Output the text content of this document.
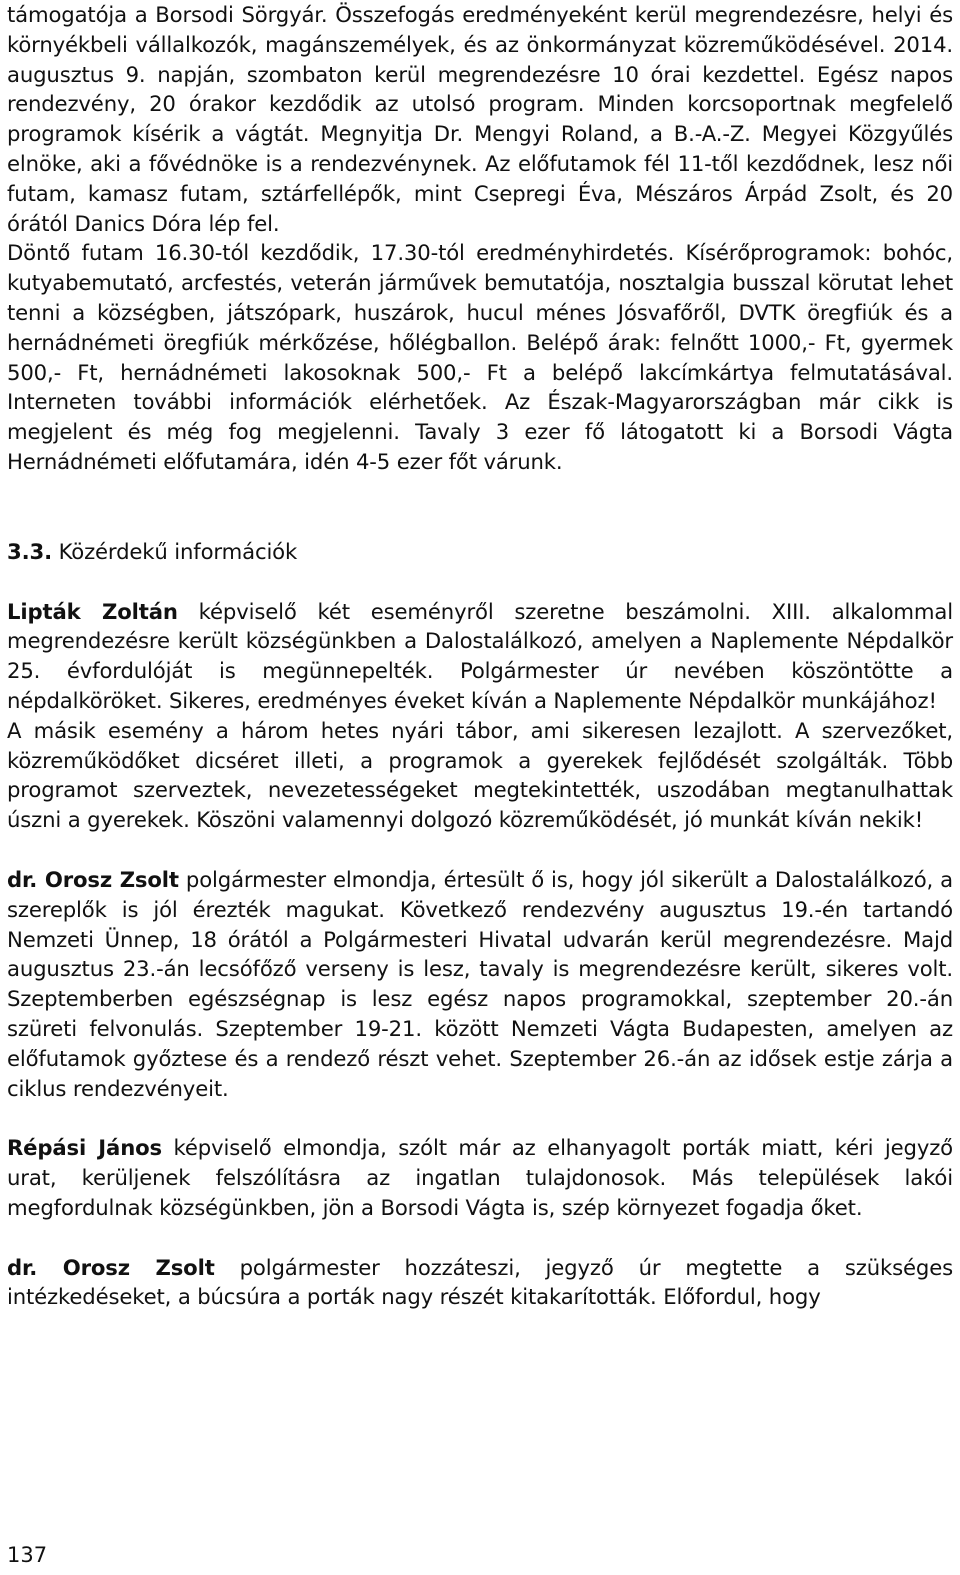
támogatója a Borsodi Sörgyár. Összefogás eredményeként kerül megrendezésre, helyi és környékbeli vállalkozók, magánszemélyek, és az önkormányzat közreműködésével. 2014. augusztus 9. napján, szombaton kerül megrendezésre 10 órai kezdettel. Egész napos rendezvény, 20 órakor kezdődik az utolsó program. Minden korcsoportnak megfelelő programok kísérik a vágtát. Megnyitja Dr. Mengyi Roland, a B.-A.-Z. Megyei Közgyűlés elnöke, aki a fővédnöke is a rendezvénynek. Az előfutamok fél 11-től kezdődnek, lesz női futam, kamasz futam, sztárfellépők, mint Csepregi Éva, Mészáros Árpád Zsolt, és 20 órától Danics Dóra lép fel.

Döntő futam 16.30-tól kezdődik, 17.30-tól eredményhirdetés. Kísérőprogramok: bohóc, kutyabemutató, arcfestés, veterán járművek bemutatója, nosztalgia busszal körutat lehet tenni a községben, játszópark, huszárok, hucul ménes Jósvafőről, DVTK öregfiúk és a hernádnémeti öregfiúk mérkőzése, hőlégballon. Belépő árak: felnőtt 1000,- Ft, gyermek 500,- Ft, hernádnémeti lakosoknak 500,- Ft a belépő lakcímkártya felmutatásával. Interneten további információk elérhetőek. Az Észak-Magyarországban már cikk is megjelent és még fog megjelenni. Tavaly 3 ezer fő látogatott ki a Borsodi Vágta Hernádnémeti előfutamára, idén 4-5 ezer főt várunk.

3.3. Közérdekű információk

Lipták Zoltán képviselő két eseményről szeretne beszámolni. XIII. alkalommal megrendezésre került községünkben a Dalostalálkozó, amelyen a Naplemente Népdalkör 25. évfordulóját is megünnepelték. Polgármester úr nevében köszöntötte a népdalköröket. Sikeres, eredményes éveket kíván a Naplemente Népdalkör munkájához!

A másik esemény a három hetes nyári tábor, ami sikeresen lezajlott. A szervezőket, közreműködőket dicséret illeti, a programok a gyerekek fejlődését szolgálták. Több programot szerveztek, nevezetességeket megtekintették, uszodában megtanulhattak úszni a gyerekek. Köszöni valamennyi dolgozó közreműködését, jó munkát kíván nekik!

dr. Orosz Zsolt polgármester elmondja, értesült ő is, hogy jól sikerült a Dalostalálkozó, a szereplők is jól érezték magukat. Következő rendezvény augusztus 19.-én tartandó Nemzeti Ünnep, 18 órától a Polgármesteri Hivatal udvarán kerül megrendezésre. Majd augusztus 23.-án lecsófőző verseny is lesz, tavaly is megrendezésre került, sikeres volt. Szeptemberben egészségnap is lesz egész napos programokkal, szeptember 20.-án szüreti felvonulás. Szeptember 19-21. között Nemzeti Vágta Budapesten, amelyen az előfutamok győztese és a rendező részt vehet. Szeptember 26.-án az idősek estje zárja a ciklus rendezvényeit.

Répási János képviselő elmondja, szólt már az elhanyagolt porták miatt, kéri jegyző urat, kerüljenek felszólításra az ingatlan tulajdonosok. Más települések lakói megfordulnak községünkben, jön a Borsodi Vágta is, szép környezet fogadja őket.

dr. Orosz Zsolt polgármester hozzáteszi, jegyző úr megtette a szükséges intézkedéseket, a búcsúra a porták nagy részét kitakarították. Előfordul, hogy

137
